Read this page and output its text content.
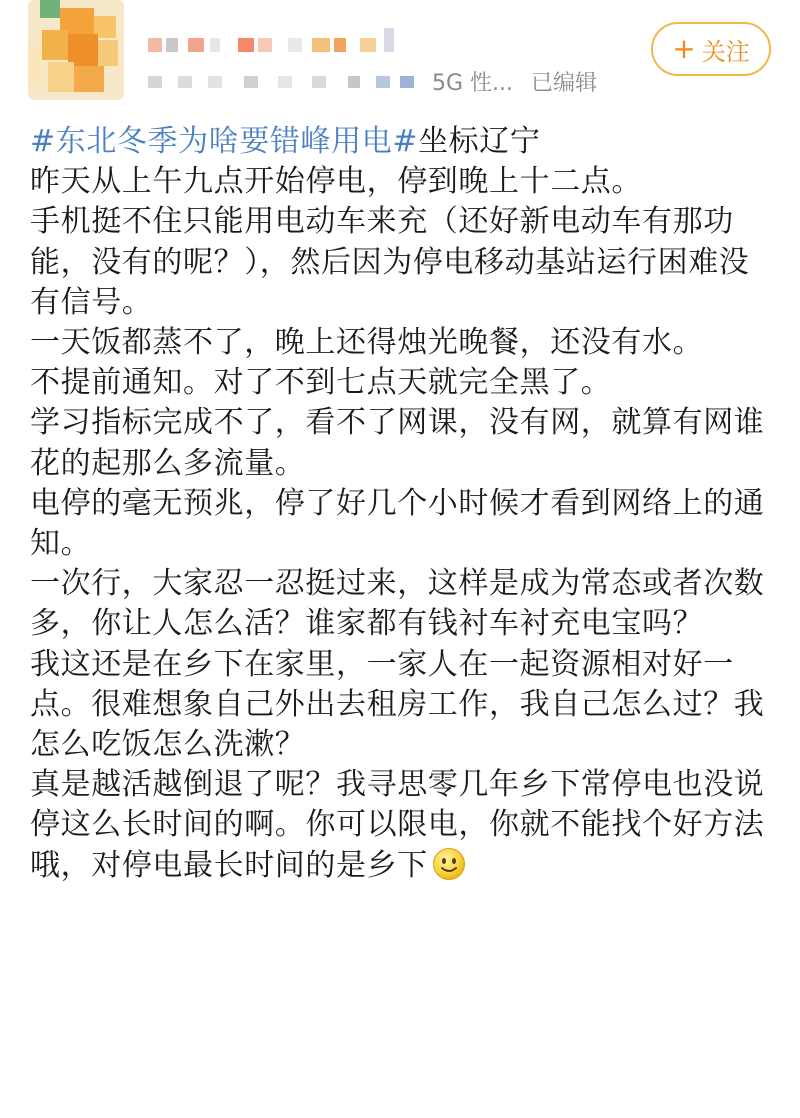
5G 性... 已编辑
+ 关注

#东北冬季为啥要错峰用电#坐标辽宁

昨天从上午九点开始停电，停到晚上十二点。

手机挺不住只能用电动车来充（还好新电动车有那功能，没有的呢？），然后因为停电移动基站运行困难没有信号。

一天饭都蒸不了，晚上还得烛光晚餐，还没有水。

不提前通知。对了不到七点天就完全黑了。

学习指标完成不了，看不了网课，没有网，就算有网谁花的起那么多流量。

电停的毫无预兆，停了好几个小时候才看到网络上的通知。

一次行，大家忍一忍挺过来，这样是成为常态或者次数多，你让人怎么活？谁家都有钱衬车衬充电宝吗？

我这还是在乡下在家里，一家人在一起资源相对好一点。很难想象自己外出去租房工作，我自己怎么过？我怎么吃饭怎么洗漱？

真是越活越倒退了呢？我寻思零几年乡下常停电也没说停这么长时间的啊。你可以限电，你就不能找个好方法

哦，对停电最长时间的是乡下
